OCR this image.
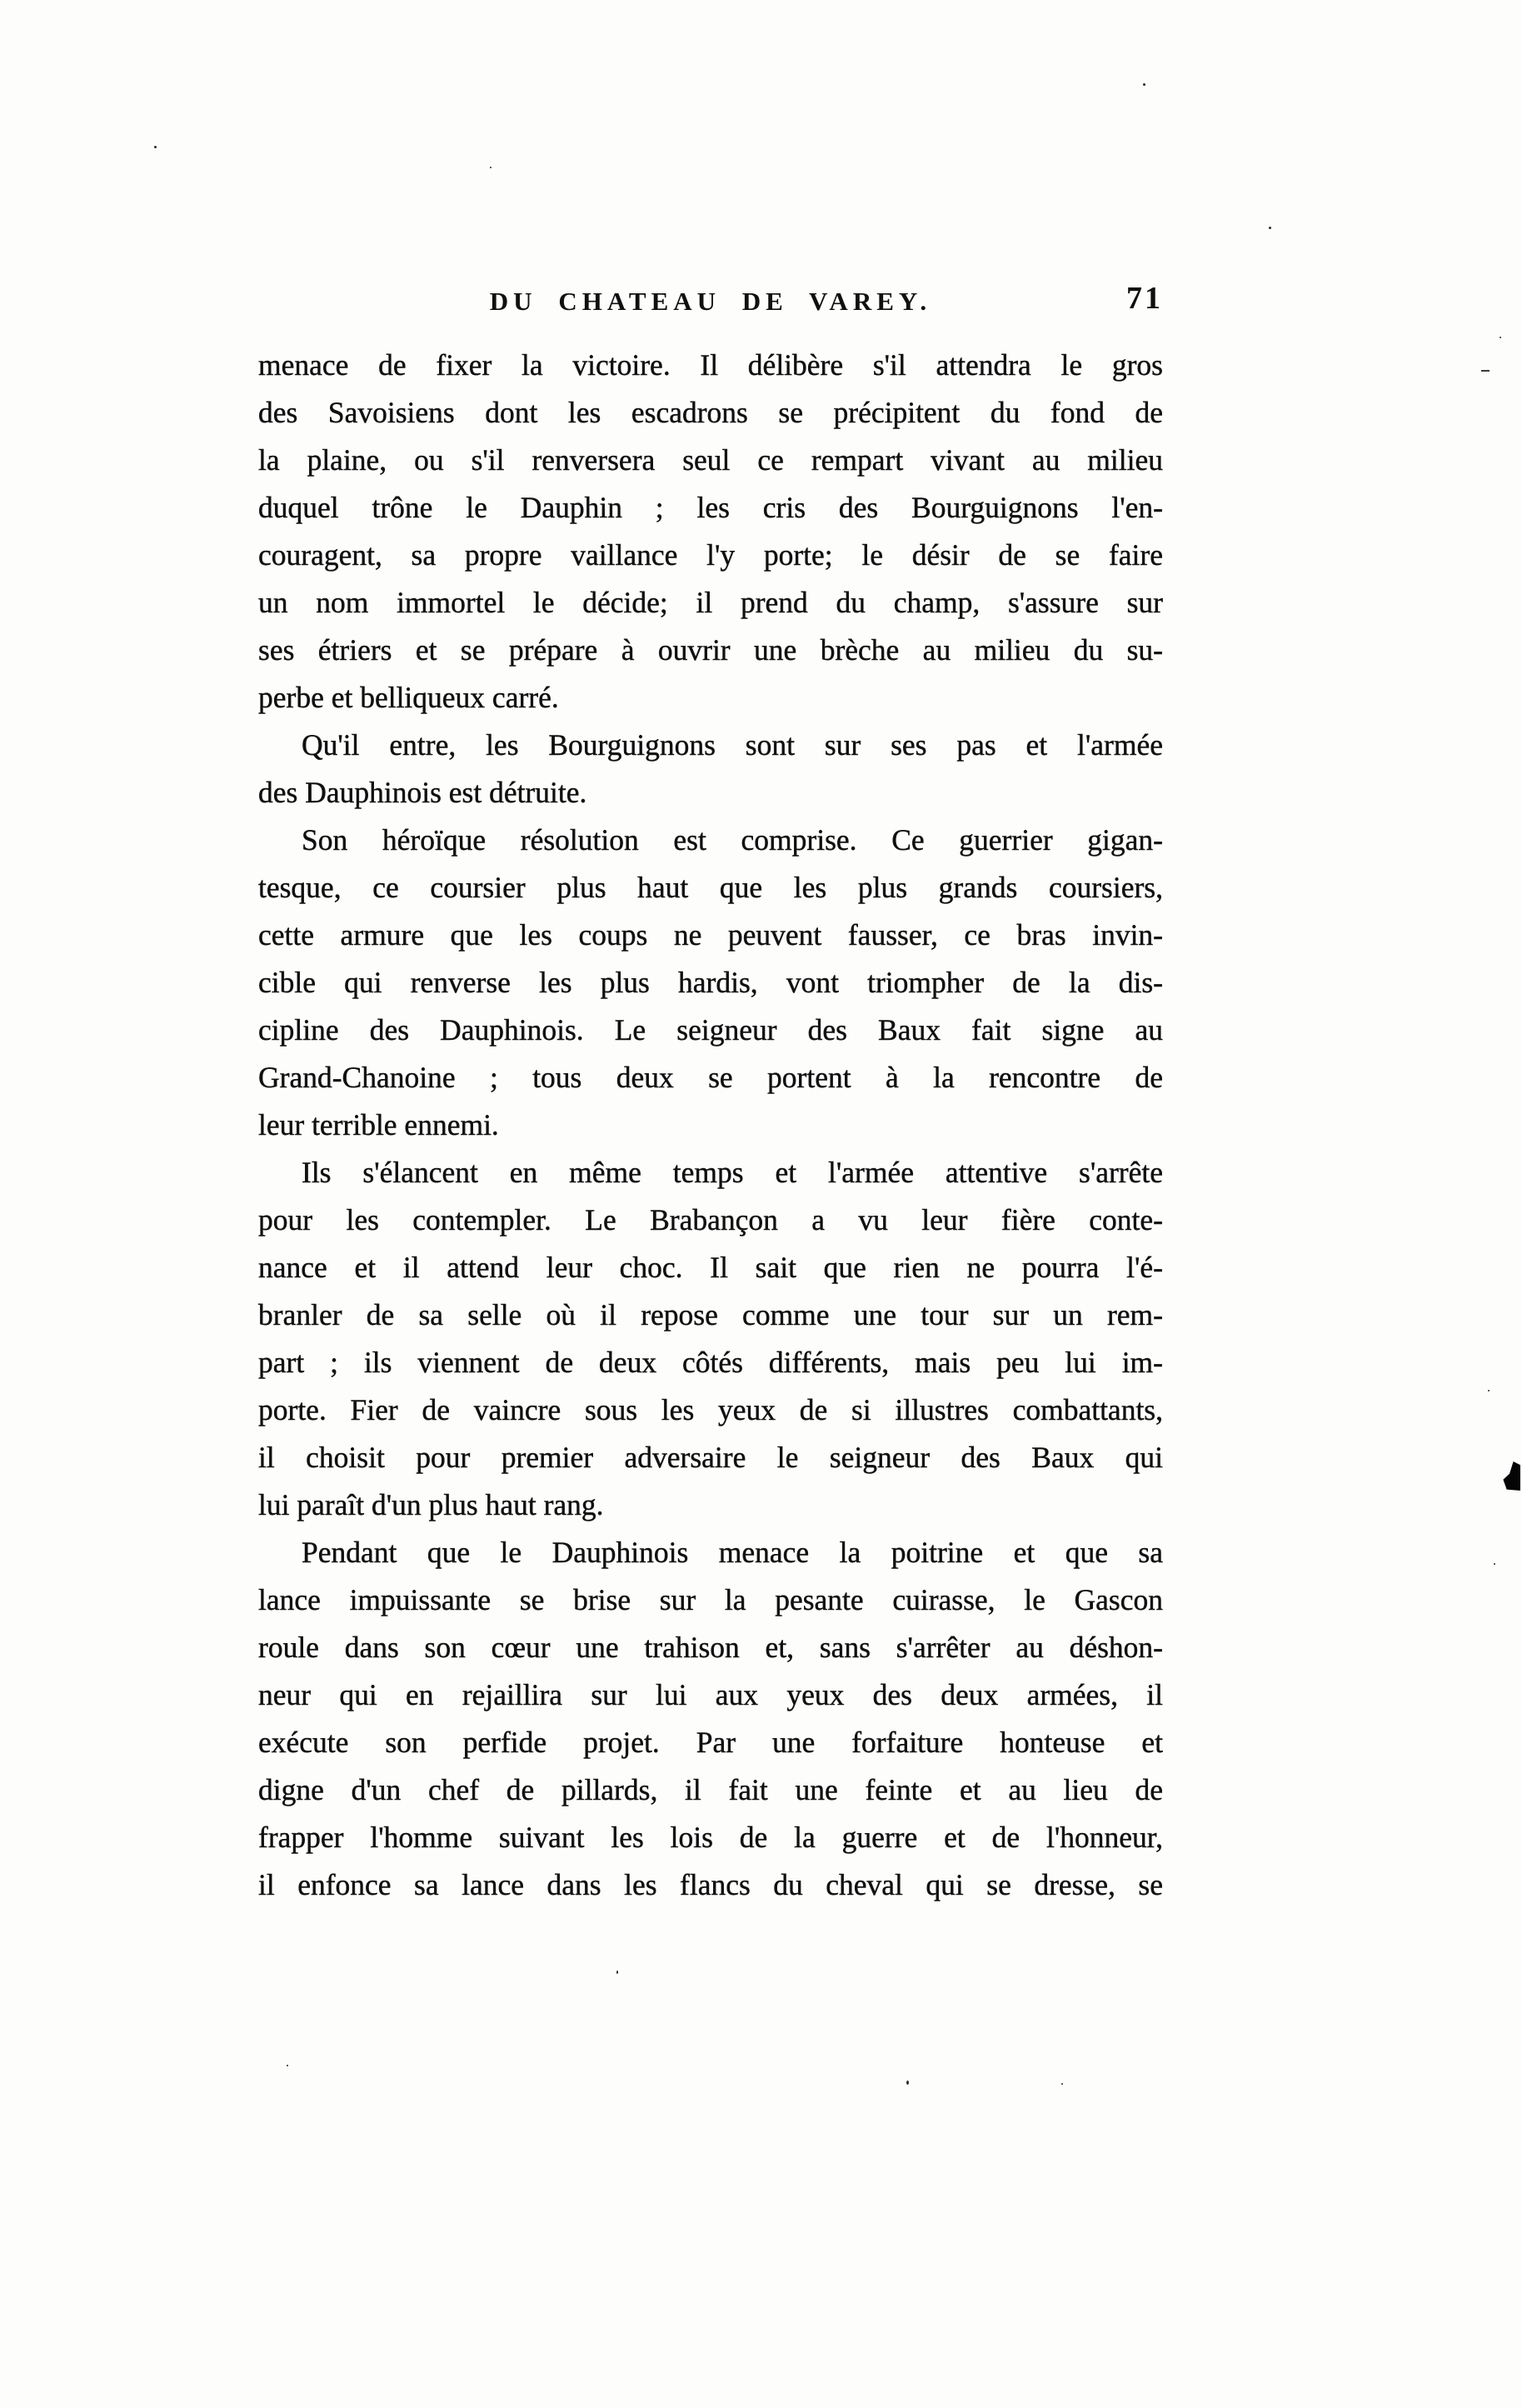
DU CHATEAU DE VAREY.	71
menace de fixer la victoire. Il délibère s'il attendra le gros
des Savoisiens dont les escadrons se précipitent du fond de
la plaine, ou s'il renversera seul ce rempart vivant au milieu
duquel trône le Dauphin ; les cris des Bourguignons l'en-
couragent, sa propre vaillance l'y porte; le désir de se faire
un nom immortel le décide; il prend du champ, s'assure sur
ses étriers et se prépare à ouvrir une brèche au milieu du su-
perbe et belliqueux carré.
Qu'il entre, les Bourguignons sont sur ses pas et l'armée
des Dauphinois est détruite.
Son héroïque résolution est comprise. Ce guerrier gigan-
tesque, ce coursier plus haut que les plus grands coursiers,
cette armure que les coups ne peuvent fausser, ce bras invin-
cible qui renverse les plus hardis, vont triompher de la dis-
cipline des Dauphinois. Le seigneur des Baux fait signe au
Grand-Chanoine ; tous deux se portent à la rencontre de
leur terrible ennemi.
Ils s'élancent en même temps et l'armée attentive s'arrête
pour les contempler. Le Brabançon a vu leur fière conte-
nance et il attend leur choc. Il sait que rien ne pourra l'é-
branler de sa selle où il repose comme une tour sur un rem-
part ; ils viennent de deux côtés différents, mais peu lui im-
porte. Fier de vaincre sous les yeux de si illustres combattants,
il choisit pour premier adversaire le seigneur des Baux qui
lui paraît d'un plus haut rang.
Pendant que le Dauphinois menace la poitrine et que sa
lance impuissante se brise sur la pesante cuirasse, le Gascon
roule dans son cœur une trahison et, sans s'arrêter au déshon-
neur qui en rejaillira sur lui aux yeux des deux armées, il
exécute son perfide projet. Par une forfaiture honteuse et
digne d'un chef de pillards, il fait une feinte et au lieu de
frapper l'homme suivant les lois de la guerre et de l'honneur,
il enfonce sa lance dans les flancs du cheval qui se dresse, se
